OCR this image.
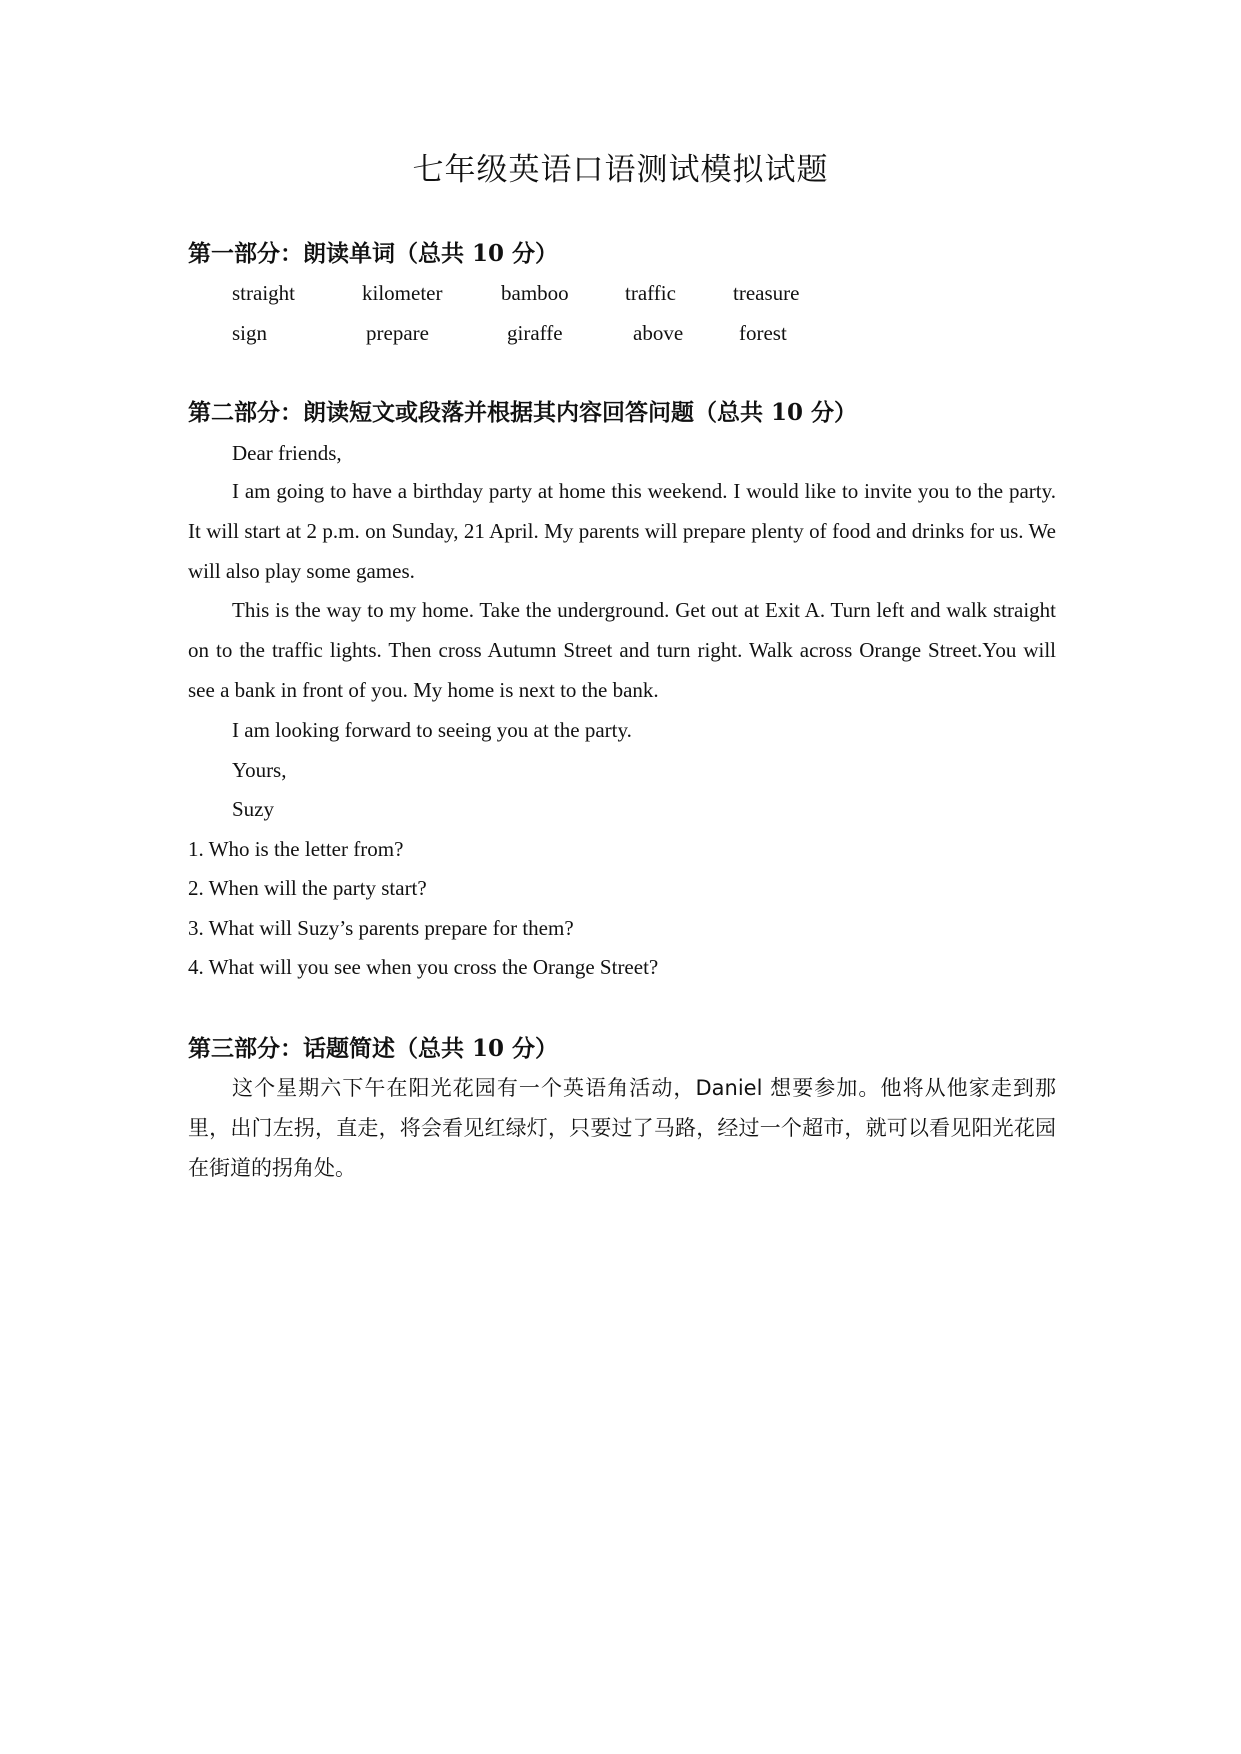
七年级英语口语测试模拟试题
第一部分：朗读单词（总共 10 分）
straight	kilometer	bamboo	traffic	treasure
sign	prepare	giraffe	above	forest
第二部分：朗读短文或段落并根据其内容回答问题（总共 10 分）
Dear friends,
I am going to have a birthday party at home this weekend. I would like to invite you to the party. It will start at 2 p.m. on Sunday, 21 April. My parents will prepare plenty of food and drinks for us. We will also play some games.
This is the way to my home. Take the underground. Get out at Exit A. Turn left and walk straight on to the traffic lights. Then cross Autumn Street and turn right. Walk across Orange Street.You will see a bank in front of you. My home is next to the bank.
I am looking forward to seeing you at the party.
Yours,
Suzy
1. Who is the letter from?
2. When will the party start?
3. What will Suzy’s parents prepare for them?
4. What will you see when you cross the Orange Street?
第三部分：话题简述（总共 10 分）
这个星期六下午在阳光花园有一个英语角活动，Daniel 想要参加。他将从他家走到那里，出门左拐，直走，将会看见红绿灯，只要过了马路，经过一个超市，就可以看见阳光花园在街道的拐角处。
